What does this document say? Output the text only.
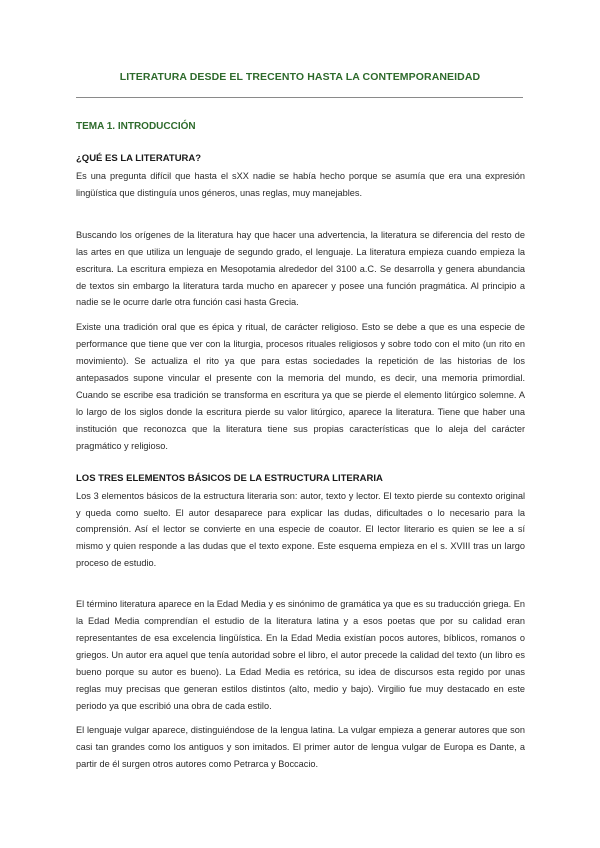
LITERATURA DESDE EL TRECENTO HASTA LA CONTEMPORANEIDAD
TEMA 1. INTRODUCCIÓN
¿QUÉ ES LA LITERATURA?

Es una pregunta difícil que hasta el sXX nadie se había hecho porque se asumía que era una expresión lingüística que distinguía unos géneros, unas reglas, muy manejables.

Buscando los orígenes de la literatura hay que hacer una advertencia, la literatura se diferencia del resto de las artes en que utiliza un lenguaje de segundo grado, el lenguaje. La literatura empieza cuando empieza la escritura. La escritura empieza en Mesopotamia alrededor del 3100 a.C. Se desarrolla y genera abundancia de textos sin embargo la literatura tarda mucho en aparecer y posee una función pragmática. Al principio a nadie se le ocurre darle otra función casi hasta Grecia.

Existe una tradición oral que es épica y ritual, de carácter religioso. Esto se debe a que es una especie de performance que tiene que ver con la liturgia, procesos rituales religiosos y sobre todo con el mito (un rito en movimiento). Se actualiza el rito ya que para estas sociedades la repetición de las historias de los antepasados supone vincular el presente con la memoria del mundo, es decir, una memoria primordial. Cuando se escribe esa tradición se transforma en escritura ya que se pierde el elemento litúrgico solemne. A lo largo de los siglos donde la escritura pierde su valor litúrgico, aparece la literatura. Tiene que haber una institución que reconozca que la literatura tiene sus propias características que lo aleja del carácter pragmático y religioso.

LOS TRES ELEMENTOS BÁSICOS DE LA ESTRUCTURA LITERARIA

Los 3 elementos básicos de la estructura literaria son: autor, texto y lector. El texto pierde su contexto original y queda como suelto. El autor desaparece para explicar las dudas, dificultades o lo necesario para la comprensión. Así el lector se convierte en una especie de coautor. El lector literario es quien se lee a sí mismo y quien responde a las dudas que el texto expone. Este esquema empieza en el s. XVIII tras un largo proceso de estudio.

El término literatura aparece en la Edad Media y es sinónimo de gramática ya que es su traducción griega. En la Edad Media comprendían el estudio de la literatura latina y a esos poetas que por su calidad eran representantes de esa excelencia lingüística. En la Edad Media existían pocos autores, bíblicos, romanos o griegos. Un autor era aquel que tenía autoridad sobre el libro, el autor precede la calidad del texto (un libro es bueno porque su autor es bueno). La Edad Media es retórica, su idea de discursos esta regido por unas reglas muy precisas que generan estilos distintos (alto, medio y bajo). Virgilio fue muy destacado en este periodo ya que escribió una obra de cada estilo.

El lenguaje vulgar aparece, distinguiéndose de la lengua latina. La vulgar empieza a generar autores que son casi tan grandes como los antiguos y son imitados. El primer autor de lengua vulgar de Europa es Dante, a partir de él surgen otros autores como Petrarca y Boccacio.
